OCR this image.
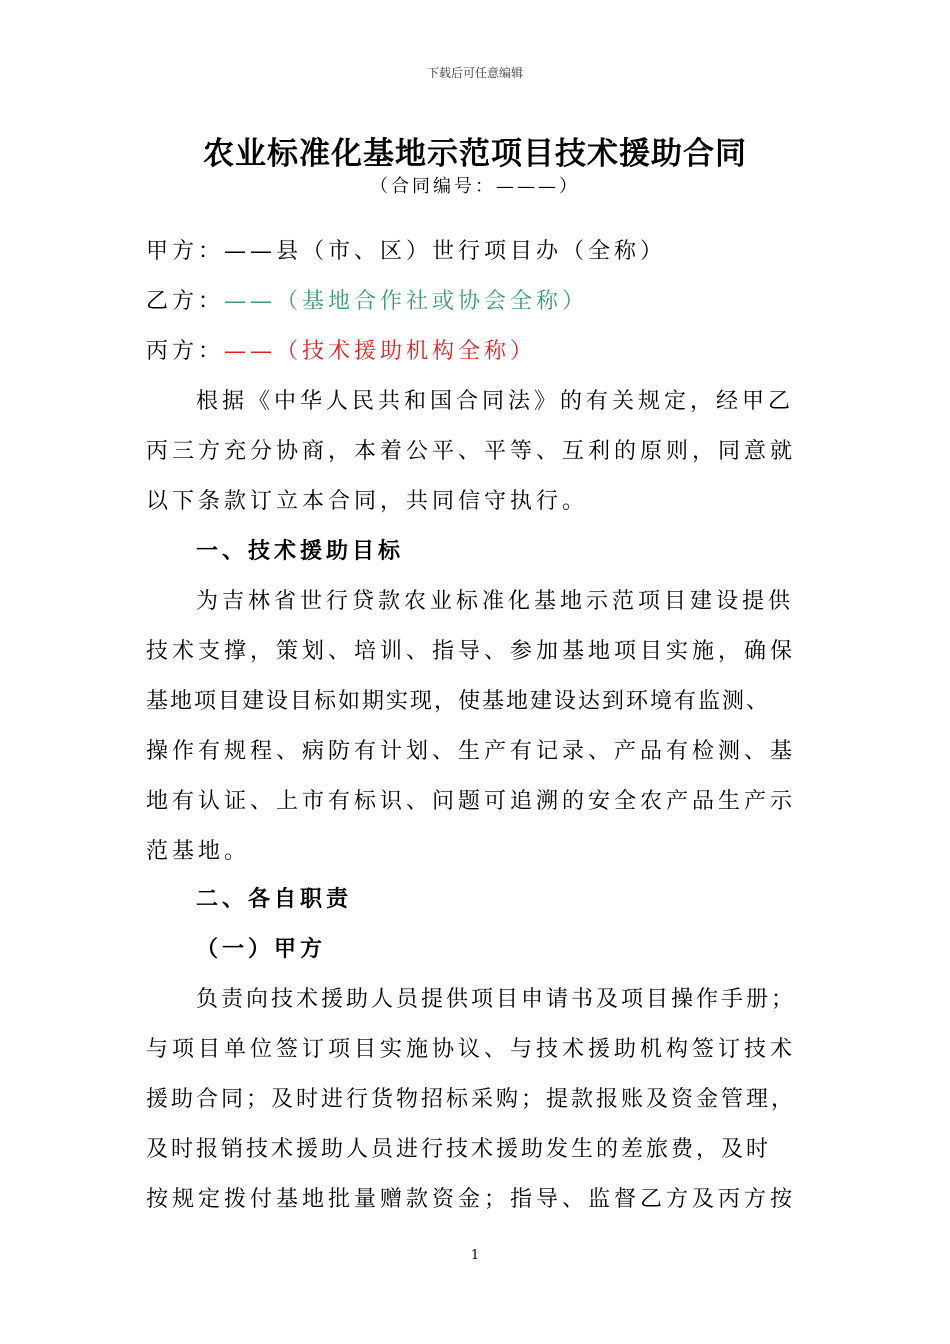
下载后可任意编辑
农业标准化基地示范项目技术援助合同
（合同编号：———）
甲方：——县（市、区）世行项目办（全称）
乙方：——（基地合作社或协会全称）
丙方：——（技术援助机构全称）
根据《中华人民共和国合同法》的有关规定，经甲乙
丙三方充分协商，本着公平、平等、互利的原则，同意就
以下条款订立本合同，共同信守执行。
一、技术援助目标
为吉林省世行贷款农业标准化基地示范项目建设提供
技术支撑，策划、培训、指导、参加基地项目实施，确保
基地项目建设目标如期实现，使基地建设达到环境有监测、
操作有规程、病防有计划、生产有记录、产品有检测、基
地有认证、上市有标识、问题可追溯的安全农产品生产示
范基地。
二、各自职责
（一）甲方
负责向技术援助人员提供项目申请书及项目操作手册；
与项目单位签订项目实施协议、与技术援助机构签订技术
援助合同；及时进行货物招标采购；提款报账及资金管理，
及时报销技术援助人员进行技术援助发生的差旅费，及时
按规定拨付基地批量赠款资金；指导、监督乙方及丙方按
1
